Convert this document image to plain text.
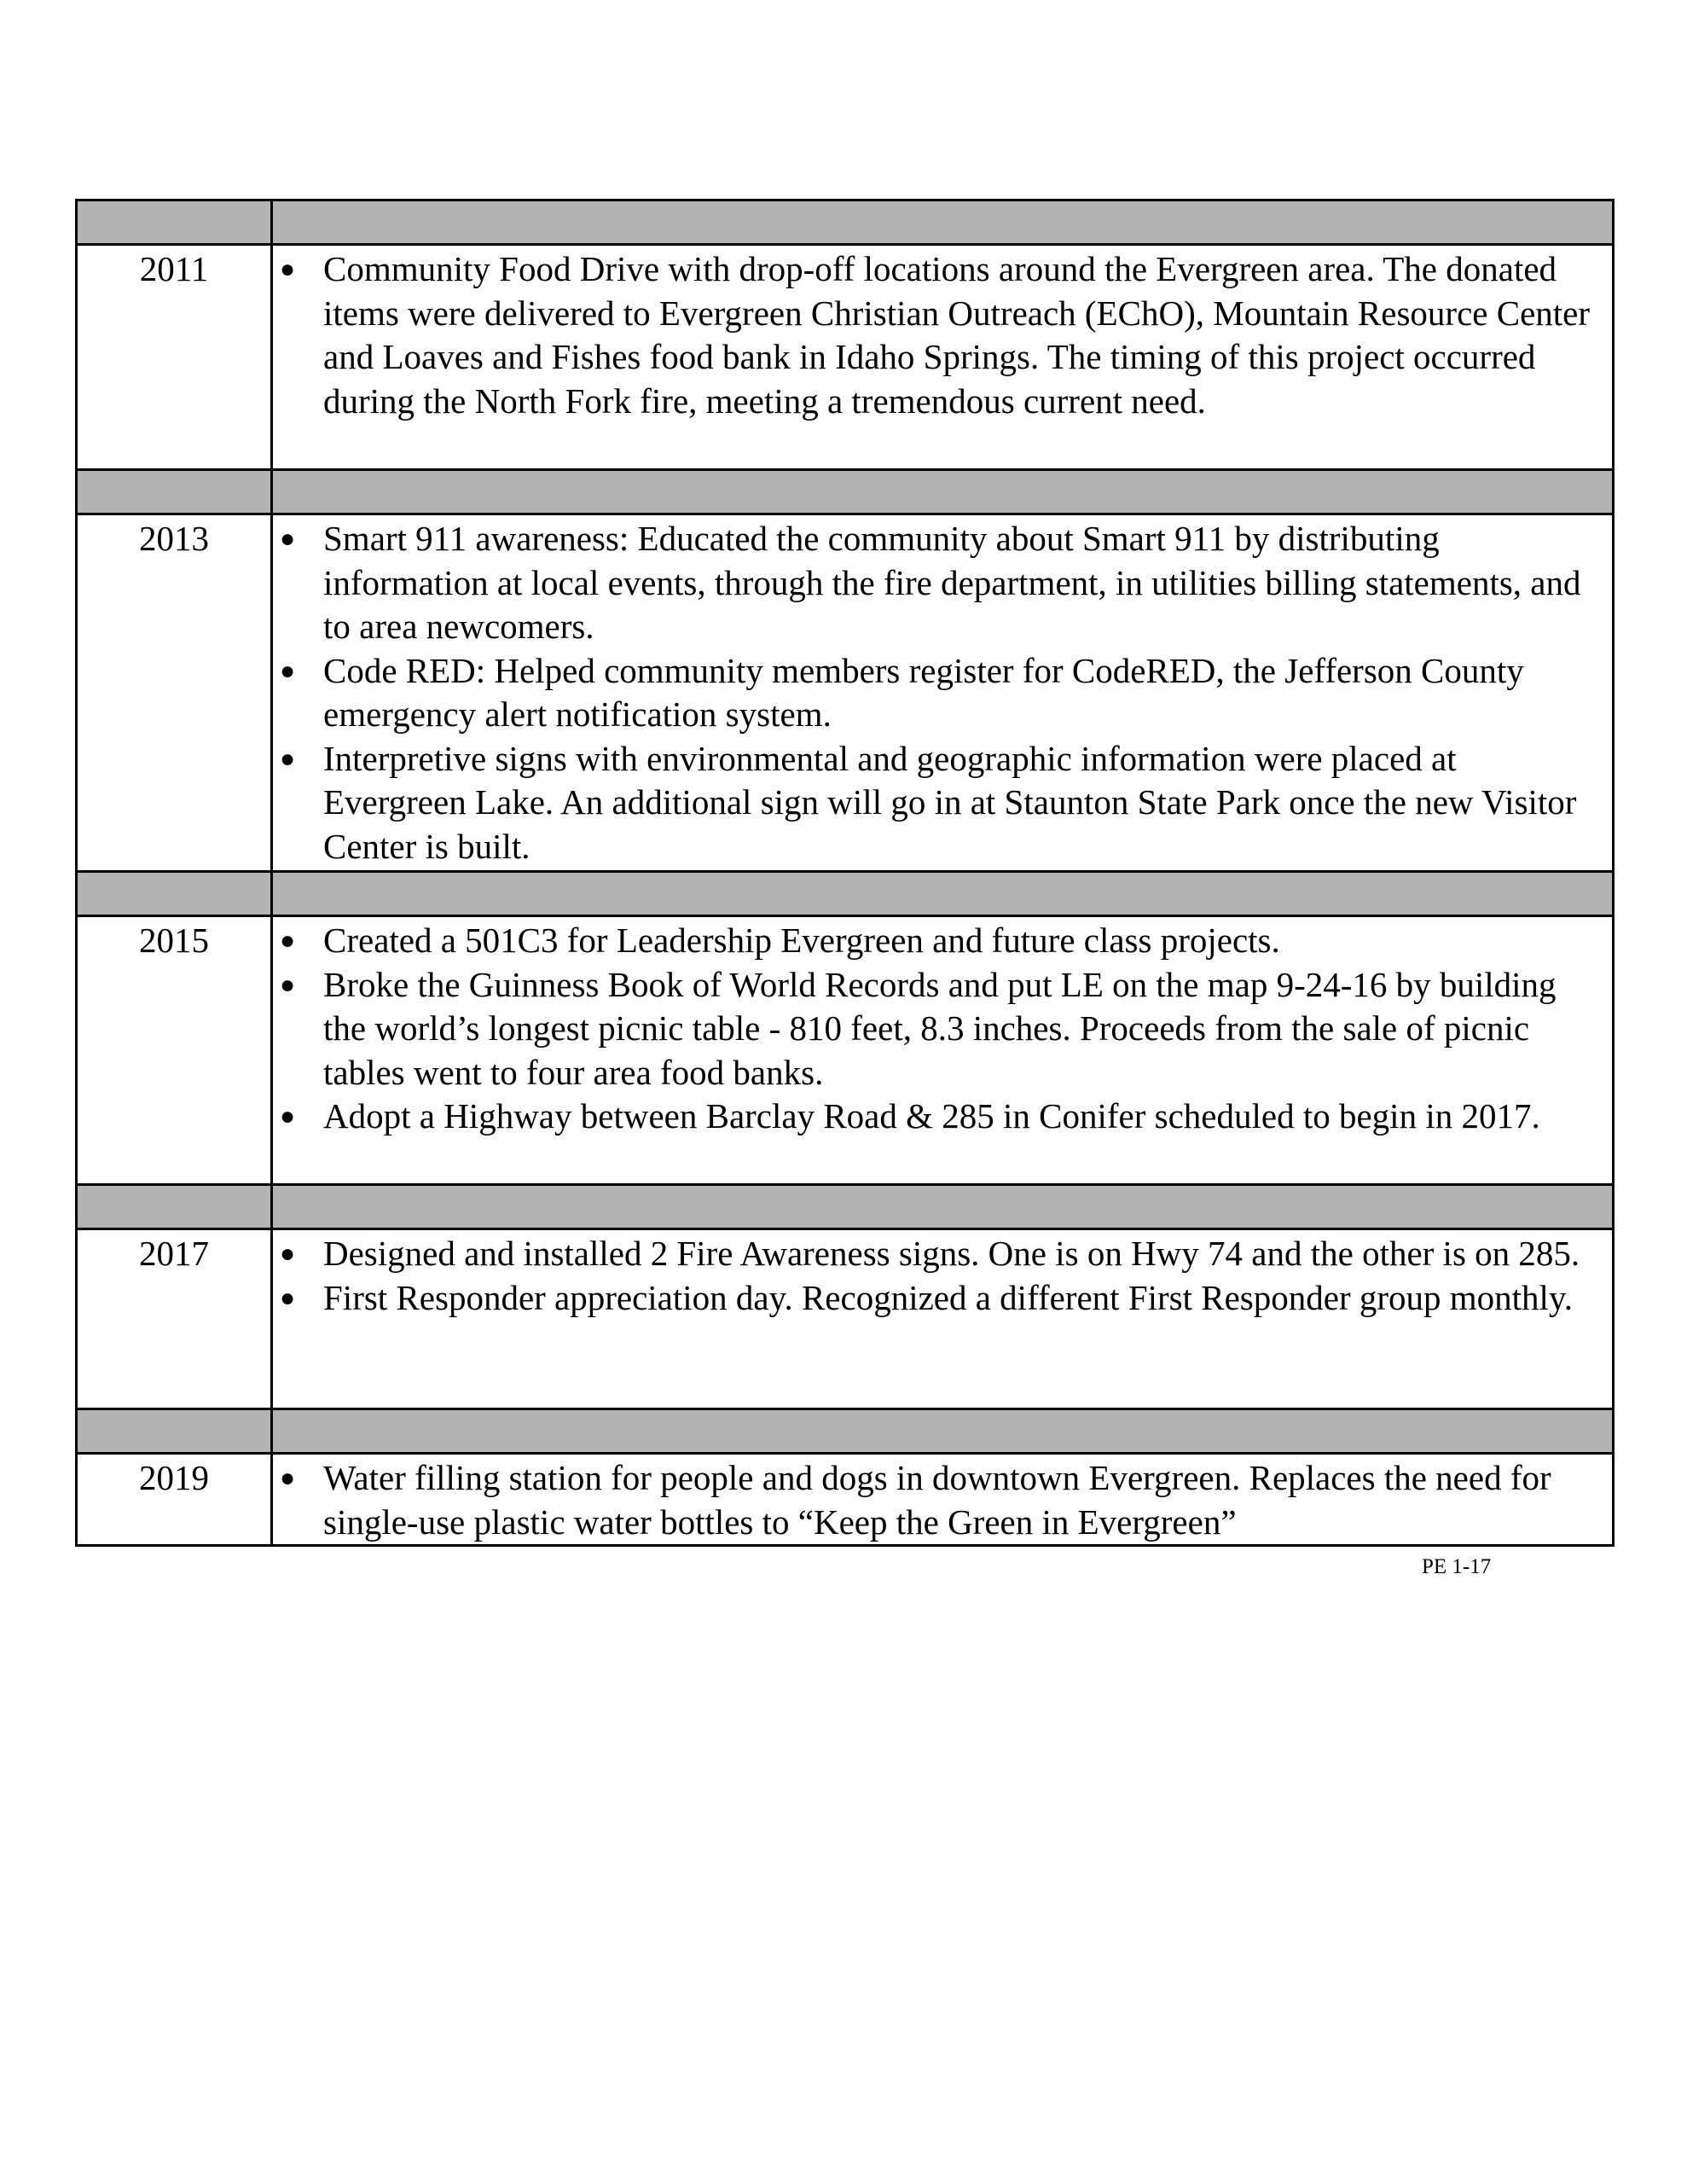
2011	● Community Food Drive with drop-off locations around the Evergreen area. The donated items were delivered to Evergreen Christian Outreach (EChO), Mountain Resource Center and Loaves and Fishes food bank in Idaho Springs. The timing of this project occurred during the North Fork fire, meeting a tremendous current need.

2013	● Smart 911 awareness: Educated the community about Smart 911 by distributing information at local events, through the fire department, in utilities billing statements, and to area newcomers.
● Code RED: Helped community members register for CodeRED, the Jefferson County emergency alert notification system.
● Interpretive signs with environmental and geographic information were placed at Evergreen Lake. An additional sign will go in at Staunton State Park once the new Visitor Center is built.

2015	● Created a 501C3 for Leadership Evergreen and future class projects.
● Broke the Guinness Book of World Records and put LE on the map 9-24-16 by building the world’s longest picnic table - 810 feet, 8.3 inches. Proceeds from the sale of picnic tables went to four area food banks.
● Adopt a Highway between Barclay Road & 285 in Conifer scheduled to begin in 2017.

2017	● Designed and installed 2 Fire Awareness signs. One is on Hwy 74 and the other is on 285.
● First Responder appreciation day. Recognized a different First Responder group monthly.

2019	● Water filling station for people and dogs in downtown Evergreen. Replaces the need for single-use plastic water bottles to “Keep the Green in Evergreen”
PE 1-17
